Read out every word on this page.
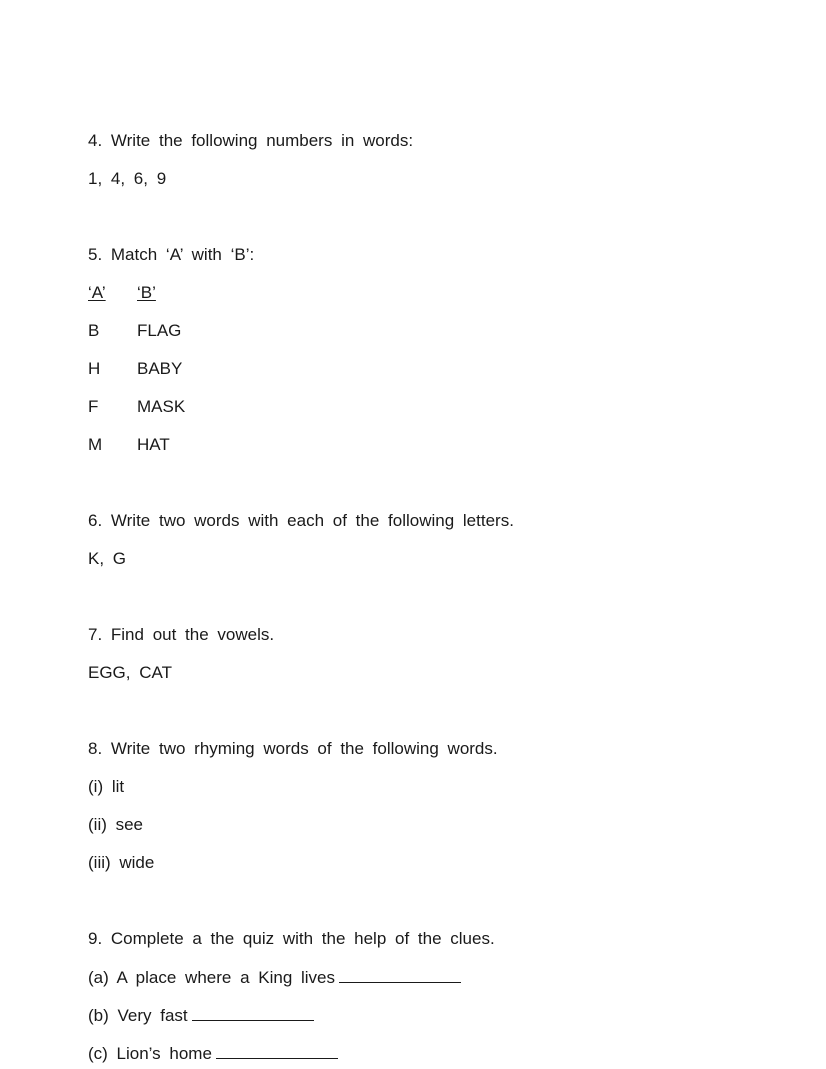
4. Write the following numbers in words:
1, 4, 6, 9
5. Match ‘A’ with ‘B’:
‘A’ ‘B’
B FLAG
H BABY
F MASK
M HAT
6. Write two words with each of the following letters.
K, G
7. Find out the vowels.
EGG, CAT
8. Write two rhyming words of the following words.
(i) lit
(ii) see
(iii) wide
9. Complete a the quiz with the help of the clues.
(a) A place where a King lives
(b) Very fast
(c) Lion’s home
